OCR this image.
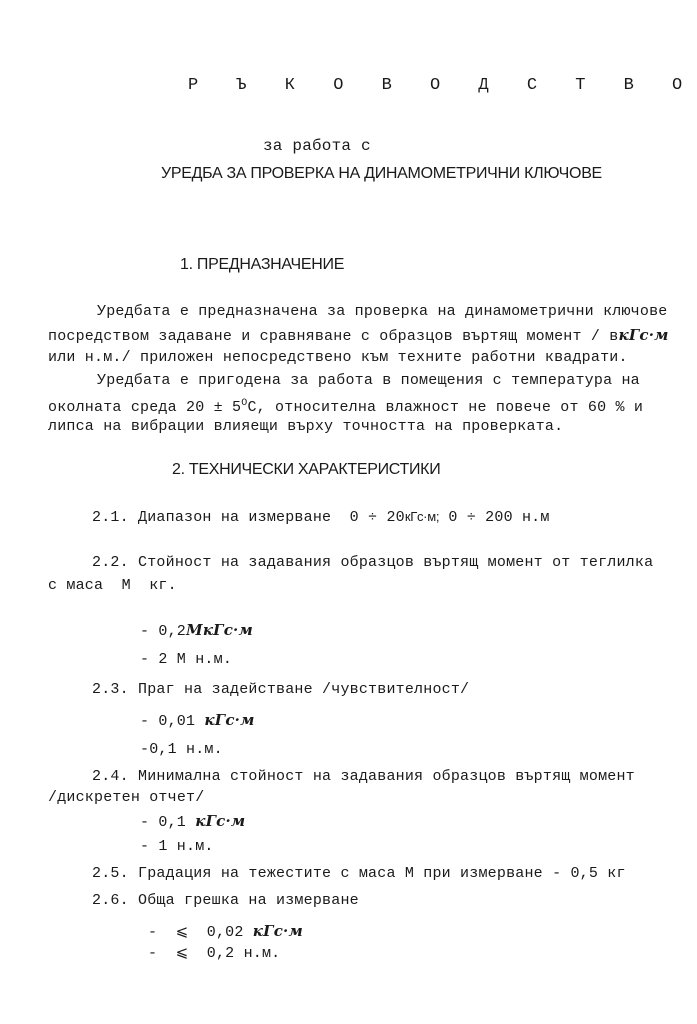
Р Ъ К О В О Д С Т В О
за работа с
УРЕДБА ЗА ПРОВЕРКА НА ДИНАМОМЕТРИЧНИ КЛЮЧОВЕ
1. ПРЕДНАЗНАЧЕНИЕ
Уредбата е предназначена за проверка на динамометрични ключове
посредством задаване и сравняване с образцов въртящ момент / вкГс·м
или н.м./ приложен непосредствено към техните работни квадрати.
Уредбата е пригодена за работа в помещения с температура на
околната среда $20 \pm 5^OC$, относителна влажност не повече от 60 % и
липса на вибрации влияещи върху точността на проверката.
2. ТЕХНИЧЕСКИ ХАРАКТЕРИСТИКИ
2.1. Диапазон на измерване  0 ÷ 20кГс·м; 0 ÷ 200 н.м
2.2. Стойност на задавания образцов въртящ момент от теглилка
с маса  М  кг.
- 0,2МкГс·м
- 2 М н.м.
2.3. Праг на задействане /чувствителност/
- 0,01 кГс·м
-0,1 н.м.
2.4. Минимална стойност на задавания образцов въртящ момент
/дискретен отчет/
- 0,1 кГс·м
- 1 н.м.
2.5. Градация на тежестите с маса М при измерване - 0,5 кг
2.6. Обща грешка на измерване
-  ⩽  0,02 кГс·м
-  ⩽  0,2 н.м.
